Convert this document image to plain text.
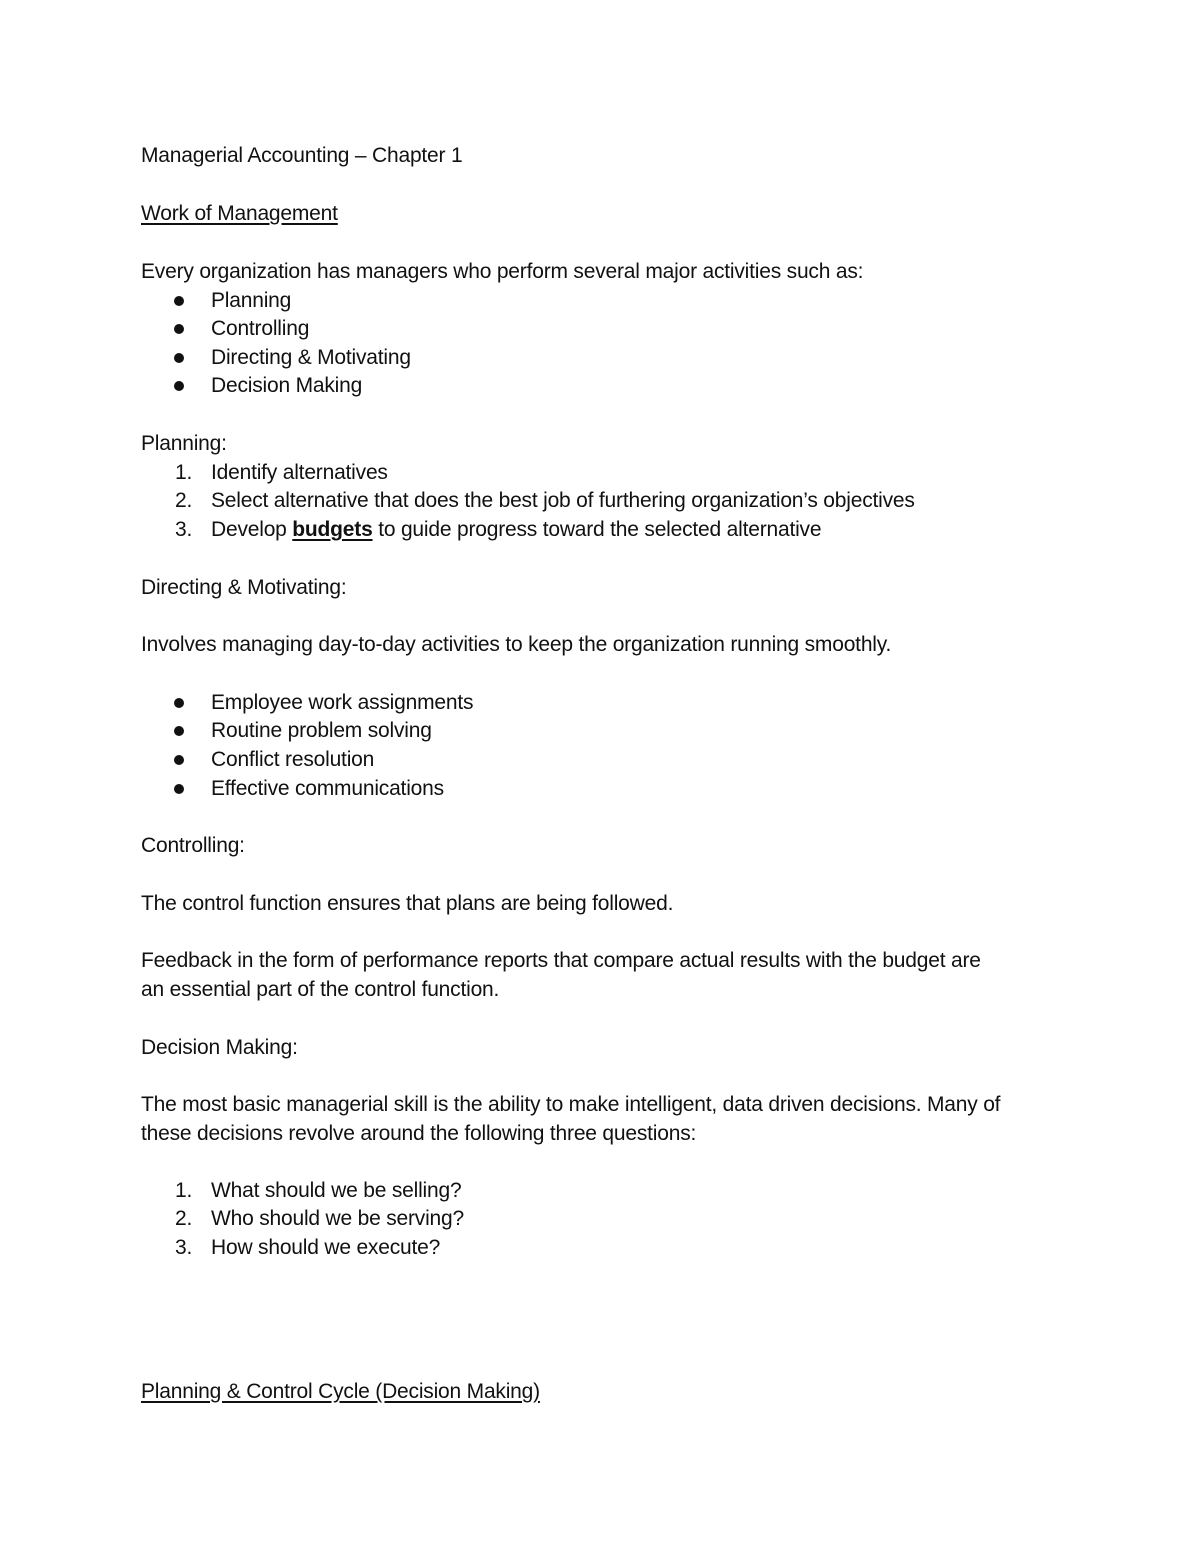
Managerial Accounting – Chapter 1
Work of Management
Every organization has managers who perform several major activities such as:
Planning
Controlling
Directing & Motivating
Decision Making
Planning:
1. Identify alternatives
2. Select alternative that does the best job of furthering organization’s objectives
3. Develop budgets to guide progress toward the selected alternative
Directing & Motivating:
Involves managing day-to-day activities to keep the organization running smoothly.
Employee work assignments
Routine problem solving
Conflict resolution
Effective communications
Controlling:
The control function ensures that plans are being followed.
Feedback in the form of performance reports that compare actual results with the budget are
an essential part of the control function.
Decision Making:
The most basic managerial skill is the ability to make intelligent, data driven decisions. Many of
these decisions revolve around the following three questions:
1. What should we be selling?
2. Who should we be serving?
3. How should we execute?
Planning & Control Cycle (Decision Making)
